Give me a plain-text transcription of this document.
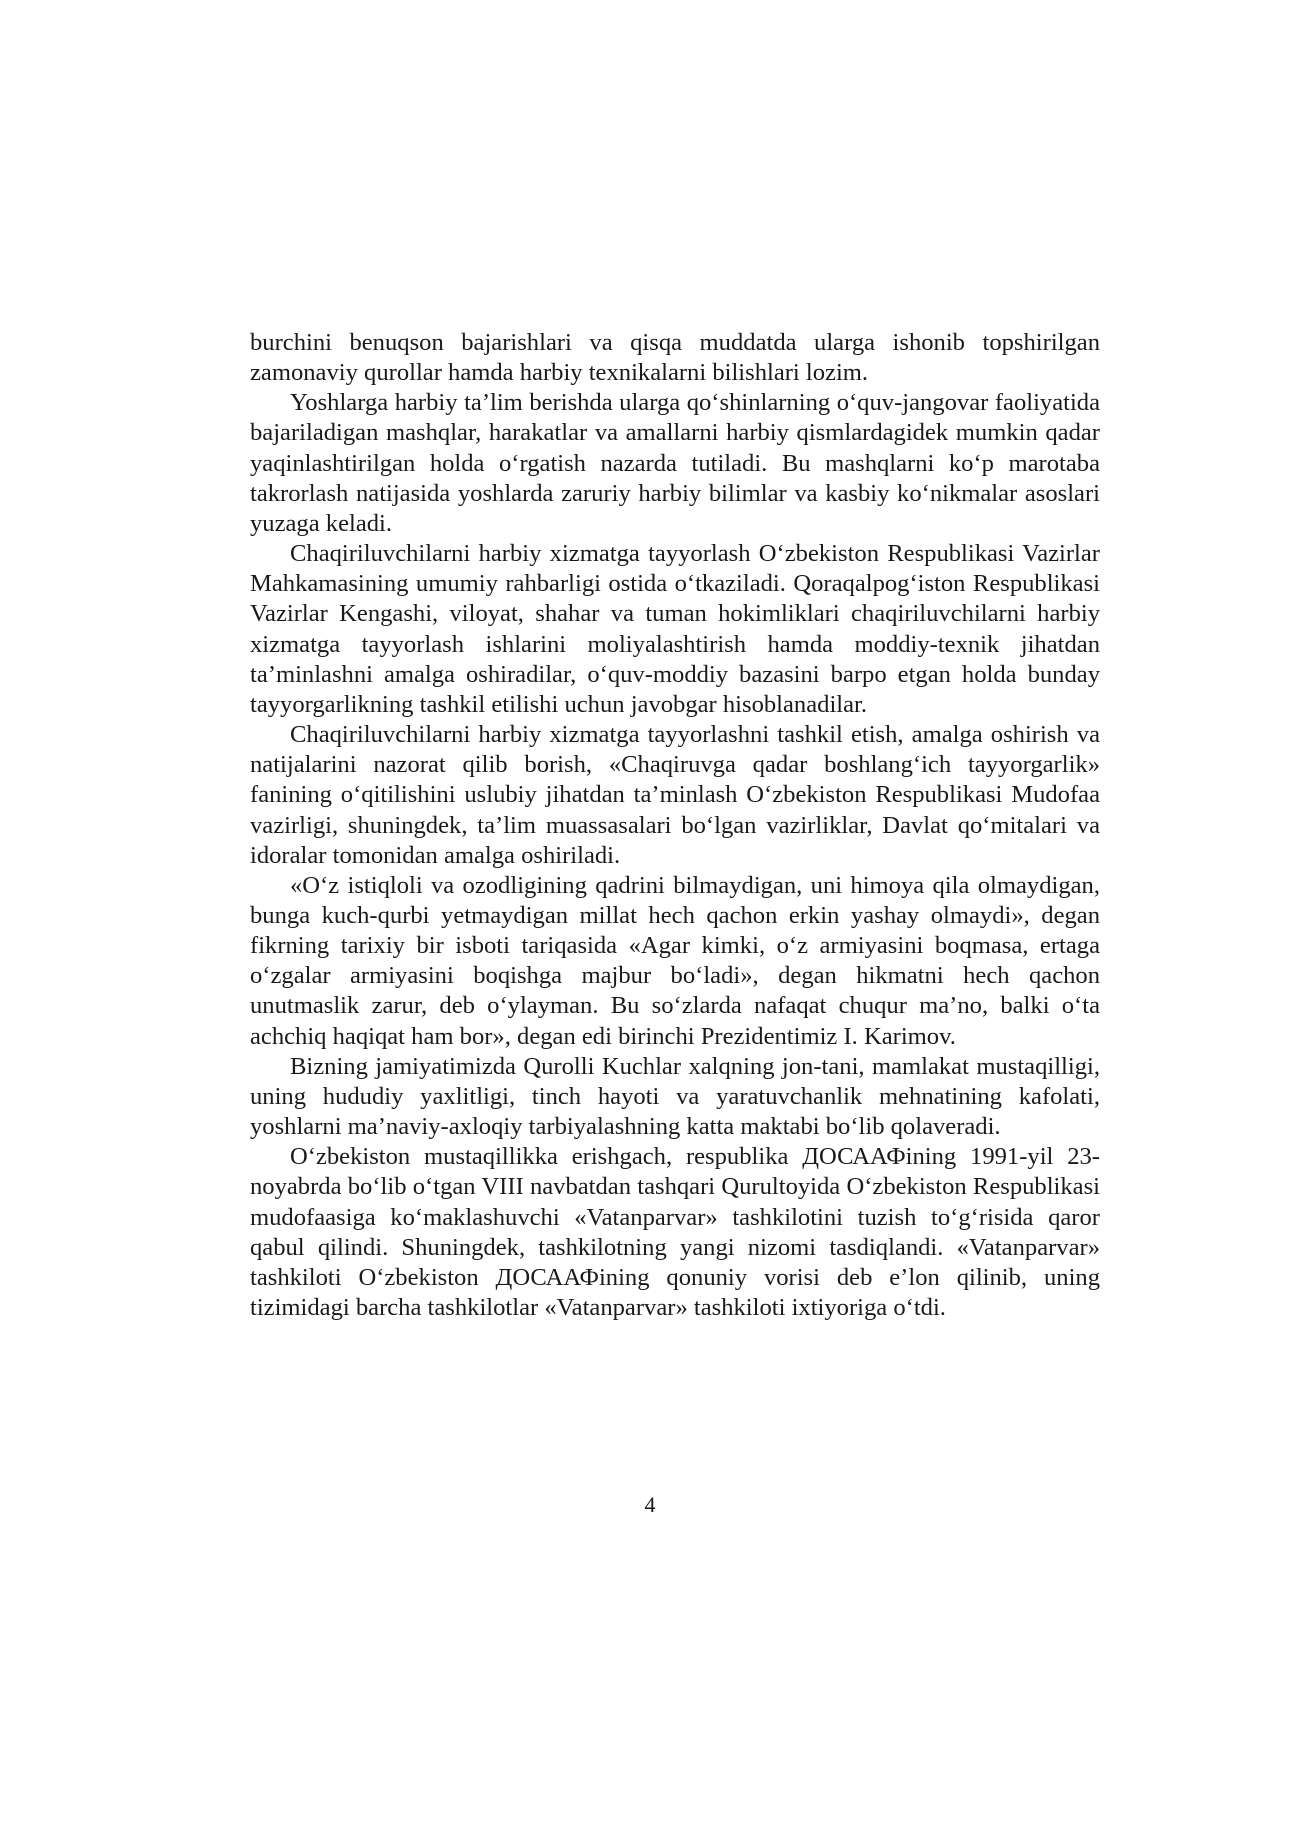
burchini benuqson bajarishlari va qisqa muddatda ularga ishonib topshirilgan zamonaviy qurollar hamda harbiy texnikalarni bilishlari lozim.

Yoshlarga harbiy ta’lim berishda ularga qo‘shinlarning o‘quv-jangovar faoliyatida bajariladigan mashqlar, harakatlar va amallarni harbiy qismlardagidek mumkin qadar yaqinlashtirilgan holda o‘rgatish nazarda tutiladi. Bu mashqlarni ko‘p marotaba takrorlash natijasida yoshlarda zaruriy harbiy bilimlar va kasbiy ko‘nikmalar asoslari yuzaga keladi.

Chaqiriluvchilarni harbiy xizmatga tayyorlash O‘zbekiston Respublikasi Vazirlar Mahkamasining umumiy rahbarligi ostida o‘tkaziladi. Qoraqalpog‘iston Respublikasi Vazirlar Kengashi, viloyat, shahar va tuman hokimliklari chaqiriluvchilarni harbiy xizmatga tayyorlash ishlarini moliyalashtirish hamda moddiy-texnik jihatdan ta’minlashni amalga oshiradilar, o‘quv-moddiy bazasini barpo etgan holda bunday tayyorgarlikning tashkil etilishi uchun javobgar hisoblanadilar.

Chaqiriluvchilarni harbiy xizmatga tayyorlashni tashkil etish, amalga oshirish va natijalarini nazorat qilib borish, «Chaqiruvga qadar boshlang‘ich tayyorgarlik» fanining o‘qitilishini uslubiy jihatdan ta’minlash O‘zbekiston Respublikasi Mudofaa vazirligi, shuningdek, ta’lim muassasalari bo‘lgan vazirliklar, Davlat qo‘mitalari va idoralar tomonidan amalga oshiriladi.

«O‘z istiqloli va ozodligining qadrini bilmaydigan, uni himoya qila olmaydigan, bunga kuch-qurbi yetmaydigan millat hech qachon erkin yashay olmaydi», degan fikrning tarixiy bir isboti tariqasida «Agar kimki, o‘z armiyasini boqmasa, ertaga o‘zgalar armiyasini boqishga majbur bo‘ladi», degan hikmatni hech qachon unutmaslik zarur, deb o‘ylayman. Bu so‘zlarda nafaqat chuqur ma’no, balki o‘ta achchiq haqiqat ham bor», degan edi birinchi Prezidentimiz I. Karimov.

Bizning jamiyatimizda Qurolli Kuchlar xalqning jon-tani, mamlakat mustaqilligi, uning hududiy yaxlitligi, tinch hayoti va yaratuvchanlik mehnatining kafolati, yoshlarni ma’naviy-axloqiy tarbiyalashning katta maktabi bo‘lib qolaveradi.

O‘zbekiston mustaqillikka erishgach, respublika ДОСААФining 1991-yil 23-noyabrda bo‘lib o‘tgan VIII navbatdan tashqari Qurultoyida O‘zbekiston Respublikasi mudofaasiga ko‘maklashuvchi «Vatanparvar» tashkilotini tuzish to‘g‘risida qaror qabul qilindi. Shuningdek, tashkilotning yangi nizomi tasdiqlandi. «Vatanparvar» tashkiloti O‘zbekiston ДОСААФining qonuniy vorisi deb e’lon qilinib, uning tizimidagi barcha tashkilotlar «Vatanparvar» tashkiloti ixtiyoriga o‘tdi.

4
